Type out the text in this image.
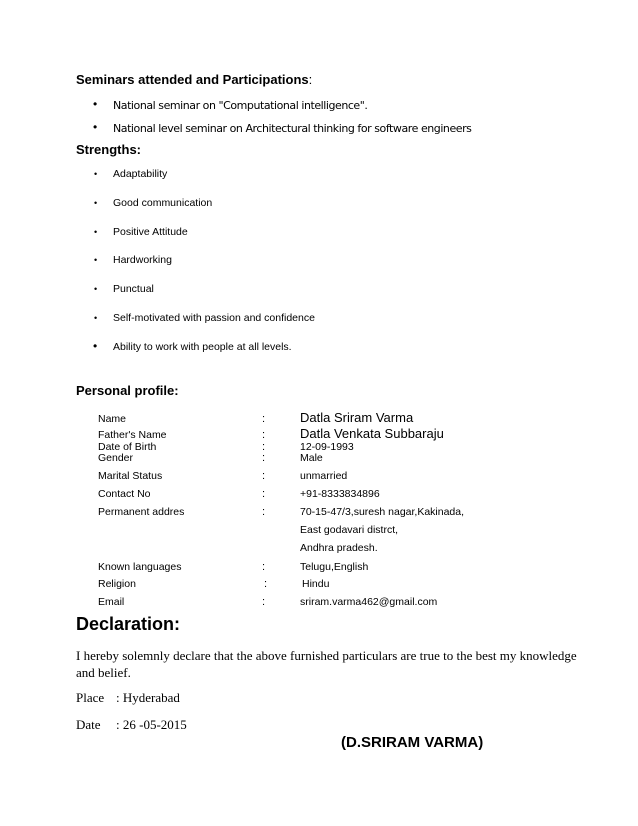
Seminars attended and Participations:
• National seminar on "Computational intelligence".
• National level seminar on Architectural thinking for software engineers
Strengths:
• Adaptability
• Good communication
• Positive Attitude
• Hardworking
• Punctual
• Self-motivated with passion and confidence
• Ability to work with people at all levels.
Personal profile:
Name	:	Datla Sriram Varma
Father's Name	:	Datla Venkata Subbaraju
Date of Birth	:	12-09-1993
Gender	:	Male
Marital Status	:	unmarried
Contact No	:	+91-8333834896
Permanent addres	:	70-15-47/3,suresh nagar,Kakinada,
East godavari distrct,
Andhra pradesh.
Known languages	:	Telugu,English
Religion	:	Hindu
Email	:	sriram.varma462@gmail.com
Declaration:
I hereby solemnly declare that the above furnished particulars are true to the best my knowledge
and belief.
Place : Hyderabad
Date : 26 -05-2015
(D.SRIRAM VARMA)
